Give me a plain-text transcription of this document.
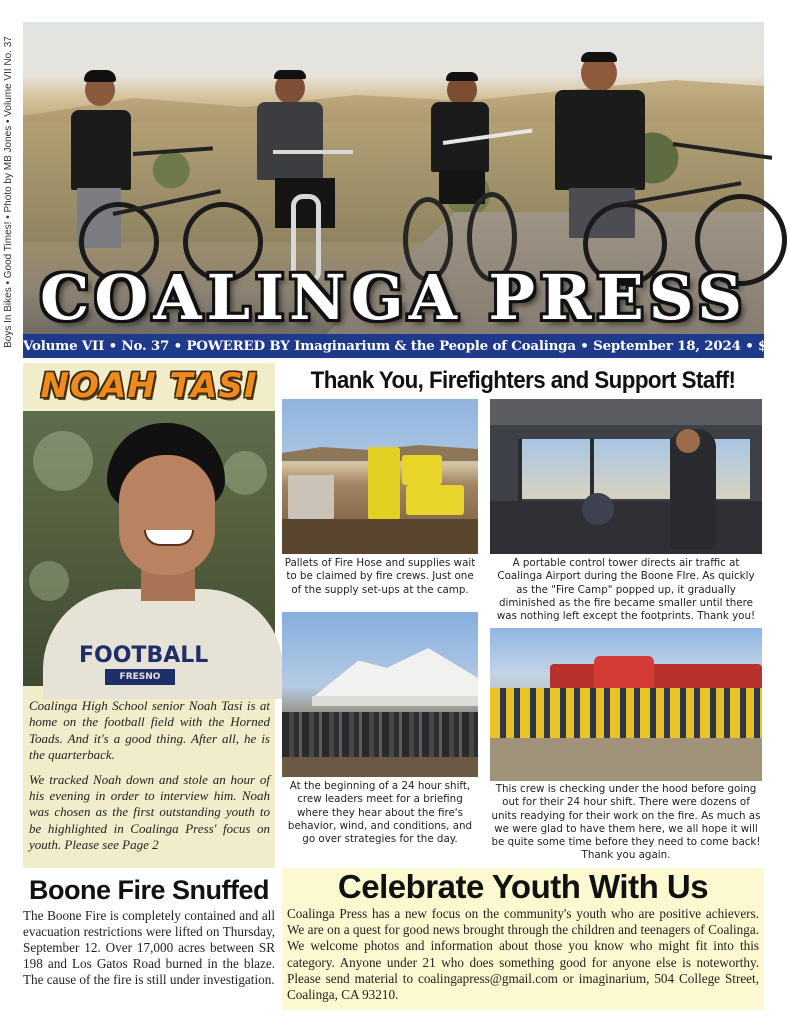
Boys In Bikes • Good Times! • Photo by MB Jones • Volume VII No. 37 COALINGA PRESS
Volume VII • No. 37 • POWERED BY Imaginarium & the People of Coalinga • September 18, 2024 • $2⁰⁰
NOAH TASI
FOOTBALL
FRESNO STATE

Coalinga High School senior Noah Tasi is at home on the football field with the Horned Toads. And it's a good thing. After all, he is the quarterback.

We tracked Noah down and stole an hour of his evening in order to interview him. Noah was chosen as the first outstanding youth to be highlighted in Coalinga Press' focus on youth. Please see Page 2

Thank You, Firefighters and Support Staff!
Pallets of Fire Hose and supplies wait to be claimed by fire crews. Just one of the supply set-ups at the camp.
A portable control tower directs air traffic at Coalinga Airport during the Boone FIre. As quickly as the "Fire Camp" popped up, it gradually diminished as the fire became smaller until there was nothing left except the footprints. Thank you!
At the beginning of a 24 hour shift, crew leaders meet for a briefing where they hear about the fire's behavior, wind, and conditions, and go over strategies for the day.
This crew is checking under the hood before going out for their 24 hour shift. There were dozens of units readying for their work on the fire. As much as we were glad to have them here, we all hope it will be quite some time before they need to come back! Thank you again.
Boone Fire Snuffed
The Boone Fire is completely contained and all evacuation restrictions were lifted on Thursday, September 12. Over 17,000 acres between SR 198 and Los Gatos Road burned in the blaze. The cause of the fire is still under investigation.
Celebrate Youth With Us
Coalinga Press has a new focus on the community's youth who are positive achievers. We are on a quest for good news brought through the children and teenagers of Coalinga. We welcome photos and information about those you know who might fit into this category. Anyone under 21 who does something good for anyone else is noteworthy. Please send material to coalingapress@gmail.com or imaginarium, 504 College Street, Coalinga, CA 93210.
